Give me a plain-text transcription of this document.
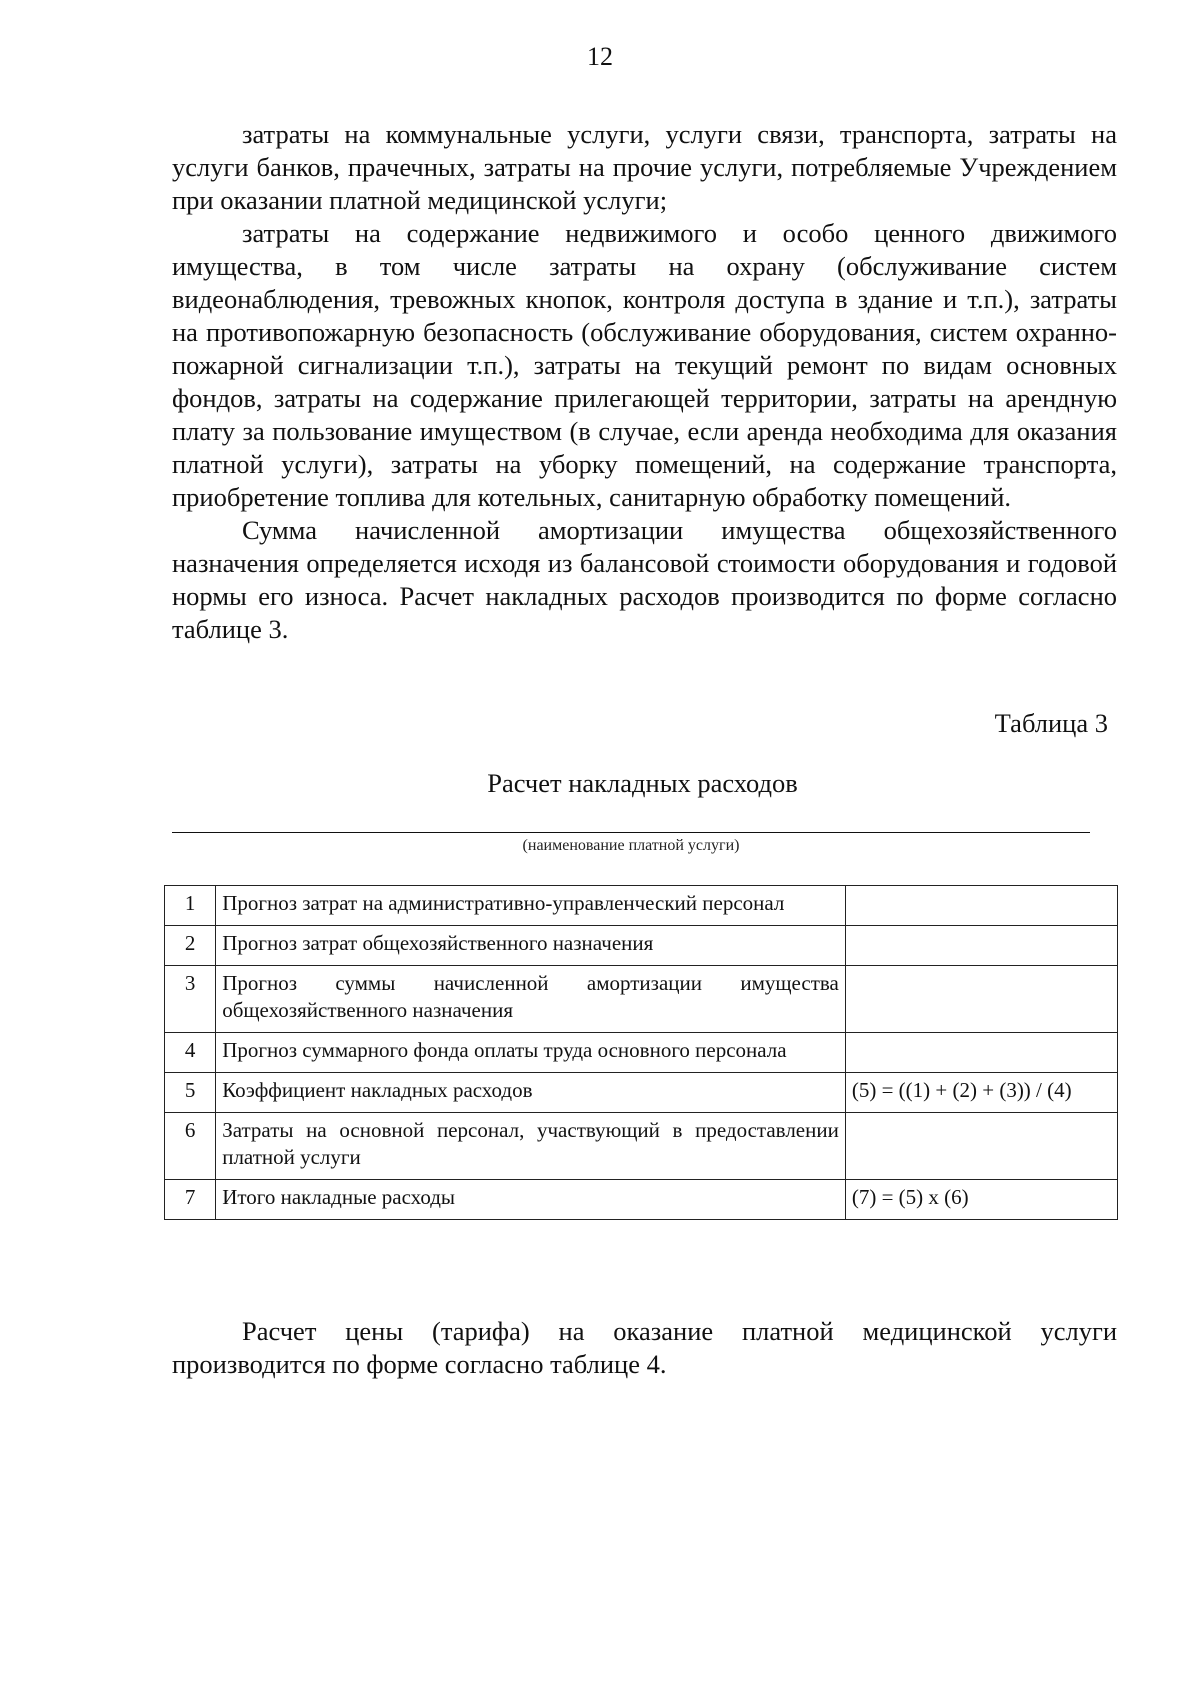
12

затраты на коммунальные услуги, услуги связи, транспорта, затраты на услуги банков, прачечных, затраты на прочие услуги, потребляемые Учреждением при оказании платной медицинской услуги;

затраты на содержание недвижимого и особо ценного движимого имущества, в том числе затраты на охрану (обслуживание систем видеонаблюдения, тревожных кнопок, контроля доступа в здание и т.п.), затраты на противопожарную безопасность (обслуживание оборудования, систем охранно-пожарной сигнализации т.п.), затраты на текущий ремонт по видам основных фондов, затраты на содержание прилегающей территории, затраты на арендную плату за пользование имуществом (в случае, если аренда необходима для оказания платной услуги), затраты на уборку помещений, на содержание транспорта, приобретение топлива для котельных, санитарную обработку помещений.

Сумма начисленной амортизации имущества общехозяйственного назначения определяется исходя из балансовой стоимости оборудования и годовой нормы его износа. Расчет накладных расходов производится по форме согласно таблице 3.

Таблица 3
Расчет накладных расходов
(наименование платной услуги)
1	Прогноз затрат на административно-управленческий персонал	
2	Прогноз затрат общехозяйственного назначения	
3	Прогноз суммы начисленной амортизации имущества общехозяйственного назначения	
4	Прогноз суммарного фонда оплаты труда основного персонала	
5	Коэффициент накладных расходов	(5) = ((1) + (2) + (3)) / (4)
6	Затраты на основной персонал, участвующий в предоставлении платной услуги	
7	Итого накладные расходы	(7) = (5) х (6)

Расчет цены (тарифа) на оказание платной медицинской услуги производится по форме согласно таблице 4.
